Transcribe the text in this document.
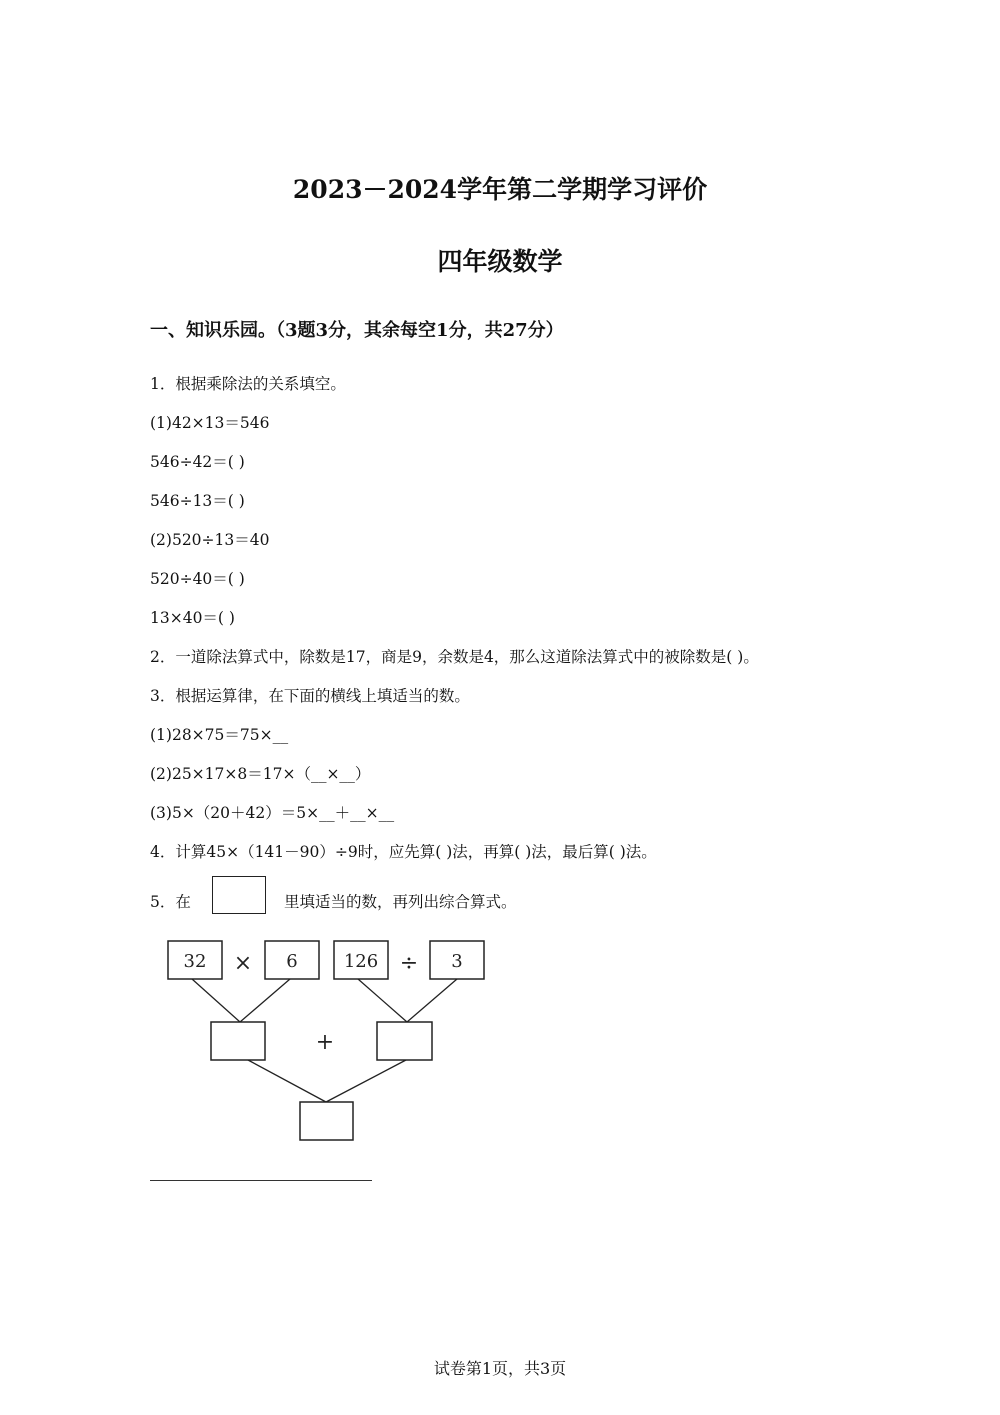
2023－2024学年第二学期学习评价
四年级数学
一、知识乐园。（3题3分，其余每空1分，共27分）
1．根据乘除法的关系填空。
(1)42×13＝546
546÷42＝( )
546÷13＝( )
(2)520÷13＝40
520÷40＝( )
13×40＝( )
2．一道除法算式中，除数是17，商是9，余数是4，那么这道除法算式中的被除数是( )。
3．根据运算律，在下面的横线上填适当的数。
(1)28×75＝75×__
(2)25×17×8＝17×（__×__）
(3)5×（20＋42）＝5×__＋__×__
4．计算45×（141－90）÷9时，应先算( )法，再算( )法，最后算( )法。
5．在	里填适当的数，再列出综合算式。
32 × 6	126 ÷ 3
+
试卷第1页，共3页
